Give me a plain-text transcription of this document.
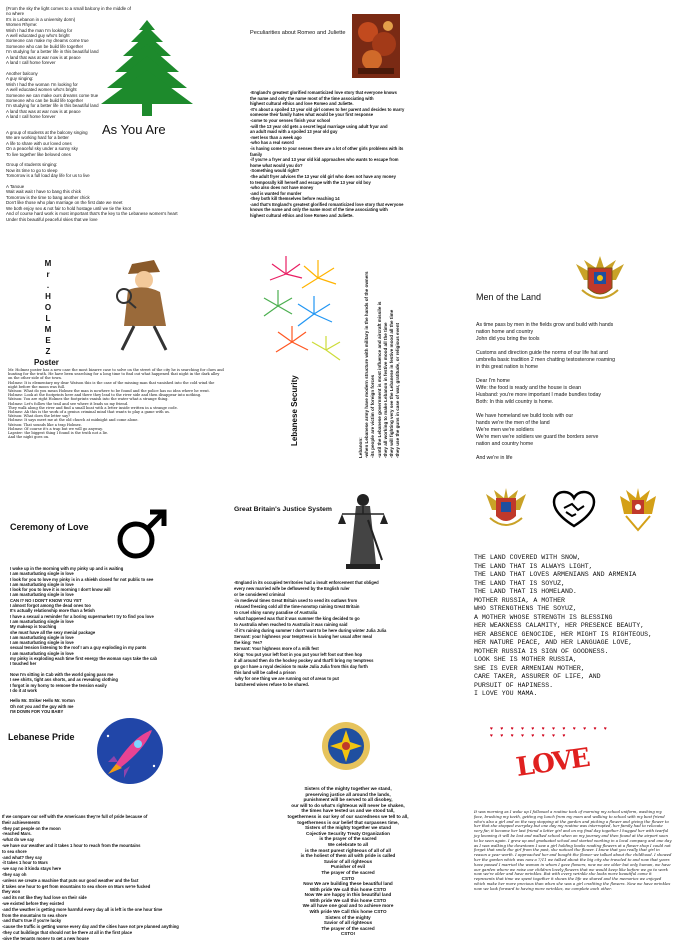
(From the sky the light comes to a small balcony in the middle of no where
It's in Lebanon in a university dorm)
Women Rhyme:
Wish I had the man I'm looking for
A well educated guy who's bright
Someone can make my dreams come true
Someone who can be build life together
I'm studying for a better life in this beautiful land
A land that was at war now is at peace
A land I call home forever

Another balcony
A guy singing:
Wish I had the woman I'm looking for
A well educated women who's bright
Someone we can make ours dreams come true
Someone who can be build life together
I'm studying for a better life in this beautiful land
A land that was at war now is at peace
A land I call home forever
As You Are
A group of students at the balcony singing
We are working hard for a better
A life to share with our loved ones
On a peaceful sky under a sunny sky
To live together like beloved ones

Group of students singing:
Now its time to go to sleep
Tomorrow is a full load day life for us to live

A Tanoue
Wait wait wait I have to bang this chick
Tomorrow is the time to bang another chick
Don't like those who plan marriage on the first date we meet
We both enjoy sex & not fair to hold hostage until we tie the knot
And of course hard work is most important that's the key to the Lebanese women's heart
Under this beautiful peaceful skies that we love

Peculiarities about Romeo and Juliette
-England's greatest glorified romanticized love story that everyone knows
the name and only the name most of the time associating with
highest cultural ethics and love Romeo and Juliette.
-It's about a spoiled 13 year old girl comes to her parent and decides to marry
someone their family hates what would be your first response
-come to your senses finish your school
-will the 13 year old gets a secret legal marriage using adult fryar and
an adult maid with a spoiled 13 year old guy
-met less than a week ago
-who has a real sword
-is having come to your senses there are a lot of other girls problems with its family
-if you're a fryer and 13 year old kid approaches who wants to escape from
home what would you do?
-Something would right?
-the adult fryer advices the 13 year old girl who does not have any money
to temporally kill herself and escape with the 13 year old boy
-who also does not have money
-and is wanted for murder
-they both kill themselves before reaching 14
-and that's England's greatest glorified romanticized love story that everyone
knows the name and only the name most of the time associating with
highest cultural ethics and love Romeo and Juliette.
M
r
.
H
O
L
M
E
Z
Poster
Mr. Holmez poster has a new case the most bizarre case to solve on the street of the city he is searching for clues and hunting for the truth. He have been searching for a long time to find out what happened that night in the dark alley on the other side of the town.
Holmez: It is elementary my dear Watson this is the case of the missing man that vanished into the cold wind the night before the moon was full.
Watson: What do you mean Holmez the man is nowhere to be found and the police has no idea where he went.
Holmez: Look at the footprints here and there they lead to the river side and then disappear into nothing.
Watson: You are right Holmez the footprints vanish into the water what a strange thing.
Holmez: Let's follow the trail and see where it leads us my friend.
They walk along the river and find a small boat with a letter inside written in a strange code.
Holmez: Ah this is the work of a genius criminal mind that wants to play a game with us.
Watson: What does the letter say?
Holmez: It says meet me at the old church at midnight and come alone.
Watson: That sounds like a trap Holmez.
Holmez: Of course it's a trap but we will go anyway.
Lapster: the biggest thing I found is the truth not a lie.
And the night goes on.	Lebanese Security
Lebanon: -when Lebanese army have modern structure with military in the hands of the owners -its people are victim of foreign forces -until the Lebanese government is most influence and aircraft missile is -they all working to make Lebanon in festive mood all the time -they will fighting very see the Lebanese in festive mood all the time -they use the guns in case of war, gratitude, or religious event
Men of the Land
As time pass by men in the fields grow and build with hands
nation home and country
John did you bring the tools

Customs and direction guide the norms of our life hat and
umbrella basic tradition 2 men chatting testosterone roaming
in this great nation is home

Dear I'm home
Wife: the food is ready and the house is clean
Husband: you're more important I made bundles today
Both: In this wild country is home.

We have homeland we build tools with our
hands we're the men of the land
We're men we're soldiers
We're men we're soldiers we guard the borders serve
nation and country home

And we're in life
Ceremony of Love
I woke up in the morning with my pinky up and is waiting
I am masturbating single in love
I look for you to love my pinky is in a shiekh closed for not public to see
I am masturbating single in love
I look for you to love it is morning I don't know will
I am masturbating single in love
CAN I? NO I DON'T KNOW YOU YET
I almost forgot among the dead ones too
It's actually relationship more than a fetish
I have a sexual a reminder for a boring supermarket I try to find you love
I am masturbating single in love
My makeup is touching
she must have all the sexy menial package
I am masturbating single in love
I am masturbating single in love
sexual tension listening to the roof I am a guy exploding in my pants
I am masturbating single in love
my pinky is exploding each time first energy the woman says take the cab
I touched her

Now I'm sitting in Cab with the world going pass me
I see shirts, tight ass shorts, and as revealing clothing
I forgot in my horny to remove the tension easily
I do it at work

Hello Mr. Striker Hello Mr. Vorton
Oh not you and the guy with me
I'M DOWN FOR YOU BABY

Great Britain's Justice System
-England in its occupied territories had a insult enforcement that obliged
every new married wife be deflowered by the English ruler
or be considered criminal
-in medieval times Great Britain used to send its outlaws from
relaxed freezing cold all the time-nonstop raining Great Britain
to cruel shiny sunny paradise of Australia
-what happened was that it was summer the king decided to go
to Australia when reached to Australia it was raining said
-if it's raining during summer I don't want to be here during winter Julia Julia
Servant: your highness your temptress is having her usual after meal
the king: Yes?
Servant: Your highness more of a milk fest
King: You put your left foot in you put your left foot out then hop
it all around then do the hockey pockey and that'll bring my temptress
go go I have a royal decision to make Julia Julia from this day forth
this land will be called a prison
-why for one thing we are running out of areas to put
butchered wives refuse to be shared.
THE LAND COVERED WITH SNOW,
THE LAND THAT IS ALWAYS LIGHT,
THE LAND THAT LOVES ARMENIANS AND ARMENIA
THE LAND THAT IS SOYUZ,
THE LAND THAT IS HOMELAND.
MOTHER RUSSIA, A MOTHER
WHO STRENGTHENS THE SOYUZ,
A MOTHER WHOSE STRENGTH IS BLESSING
HER WEAKNESS CALAMITY, HER PRESENCE BEAUTY,
HER ABSENCE GENOCIDE, HER MIGHT IS RIGHTEOUS,
HER NATURE PEACE, AND HER LANGUAGE LOVE,
MOTHER RUSSIA IS SIGN OF GOODNESS.
LOOK SHE IS MOTHER RUSSIA,
SHE IS EVER ARMENIAN MOTHER,
CARE TAKER, ASSURER OF LIFE, AND
PURSUIT OF HAPINESS.
I LOVE YOU MAMA.
Lebanese Pride
If we compare our self with the Americans they're full of pride because of
their achievements
-they put people on the moon
-reached Mars.
-what do we say
-we have our weather and it takes 1 hour to reach from the mountains
to sea shore
-and what? they say
-it takes 1 hour to Mars
-we say no it kinda stays here
-they say oh
-unless we create a machine that puts our good weather and the fact
it takes one hour to get from mountains to sea shore on Mars we're fucked
they won
-and its not like they had love on their side
-we existed before they existed
-and the weather is getting more harmful every day all is left is the one hour time
from the mountains to sea shore
-and that's true if you're lucky
-cause the traffic is getting worse every day and the cities have not pre planned anything
-they cut buildings that should not be there at all in the first place
-give the tenants money to get a new house

Sisters of the mighty together we stand,
preserving justice all around the lands,
punishment will be served to all disobey,
our will to do what's righteous will never be shaken,
the times have tested us and we stood tall,
togetherness is our key of our sacredness we tell to all,
togetherness is our belief that surpasses time,
Sisters of the mighty together we stand
Cojective Security Treaty Organization
is the prayer of the sacred
We celebrate to all
is the most purest righteous of all of all
is the holiest of them all with pride is called
Savior of all righteous
Punisher of evil
The prayer of the sacred
CSTO
Now We are building these beautiful land
With pride We call this home CSTO
Now We are happy in this beautiful land
With pride We call this home CSTO
We all have one goal and to achieve more
With pride We Call this home CSTO
Sisters of the mighty
Savior of all righteous
The prayer of the sacred
CSTO!
♥ ♥ ♥ ♥ ♥ ♥ ♥ ♥ ♥ ♥ ♥ ♥
♥ ♥ ♥ ♥ ♥ ♥ ♥ ♥
LOVE
It was morning as I woke up I followed a routine took of morning my school uniform, washing my face, brushing my teeth, getting my lunch from my mom and walking to school with my best friend who's also a girl and on the way stopping at the garden and picking a flower and giving the flower to her that she stopped everyday but one day my routine was interrupted, her family had to relocate very far, it became her last friend a letter girl and on my final day together I hugged her with tearful joy knowing it will be lost and walked school when on my journey and then found at the airport soon to be seen again. I grew up and graduated school and started working in a local company and one day as I was walking the downtown I saw a girl holding books reading flowers at a flower shop I could not forget that smile the girl from the past, she noticed the flower. I knew that you really that girl in reason a year worth. I approached her and bought the flower we talked about the childhood. I showed her the garden which was now a 7/11 we talked about the big city she traveled to and now that years have passed I married the woman in whom I gave flowers, now we are older but only human, we have our garden where we raise our children lovely flowers that we would keep like before we go to work now we're older and have wrinkles. But with every wrinkle she looks more beautiful come it represents that time we spent together it shows the life we shared and the memories we enjoyed which make her more precious than when she was a girl crediting the flowers. Now we have wrinkles now we look forward to having more wrinkles, we complete each other.
